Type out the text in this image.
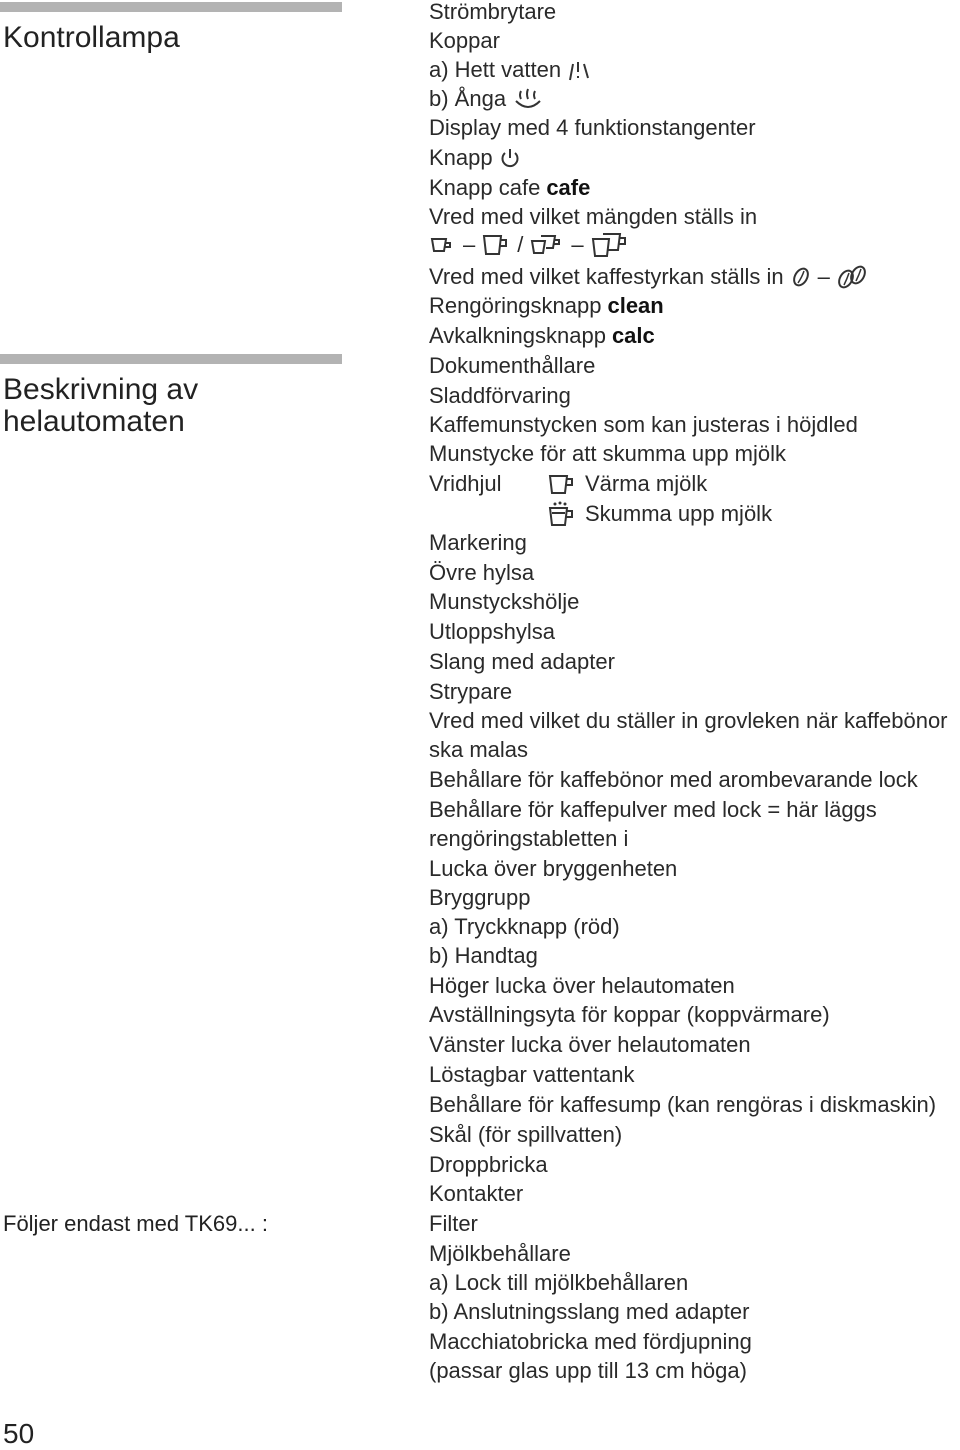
Kontrollampa
Beskrivning av helautomaten
Följer endast med TK69... :
50
Strömbrytare
Koppar
a) Hett vatten
b) Ånga
Display med 4 funktionstangenter
Knapp
Knapp cafe cafe
Vred med vilket mängden ställs in
– / –
Vred med vilket kaffestyrkan ställs in –
Rengöringsknapp clean
Avkalkningsknapp calc
Dokumenthållare
Sladdförvaring
Kaffemunstycken som kan justeras i höjdled
Munstycke för att skumma upp mjölk
Vridhjul	Värma mjölk
Skumma upp mjölk
Markering
Övre hylsa
Munstyckshölje
Utloppshylsa
Slang med adapter
Strypare
Vred med vilket du ställer in grovleken när kaffebönor
ska malas
Behållare för kaffebönor med arombevarande lock
Behållare för kaffepulver med lock = här läggs
rengöringstabletten i
Lucka över bryggenheten
Bryggrupp
a) Tryckknapp (röd)
b) Handtag
Höger lucka över helautomaten
Avställningsyta för koppar (koppvärmare)
Vänster lucka över helautomaten
Löstagbar vattentank
Behållare för kaffesump (kan rengöras i diskmaskin)
Skål (för spillvatten)
Droppbricka
Kontakter
Filter
Mjölkbehållare
a) Lock till mjölkbehållaren
b) Anslutningsslang med adapter
Macchiatobricka med fördjupning
(passar glas upp till 13 cm höga)
